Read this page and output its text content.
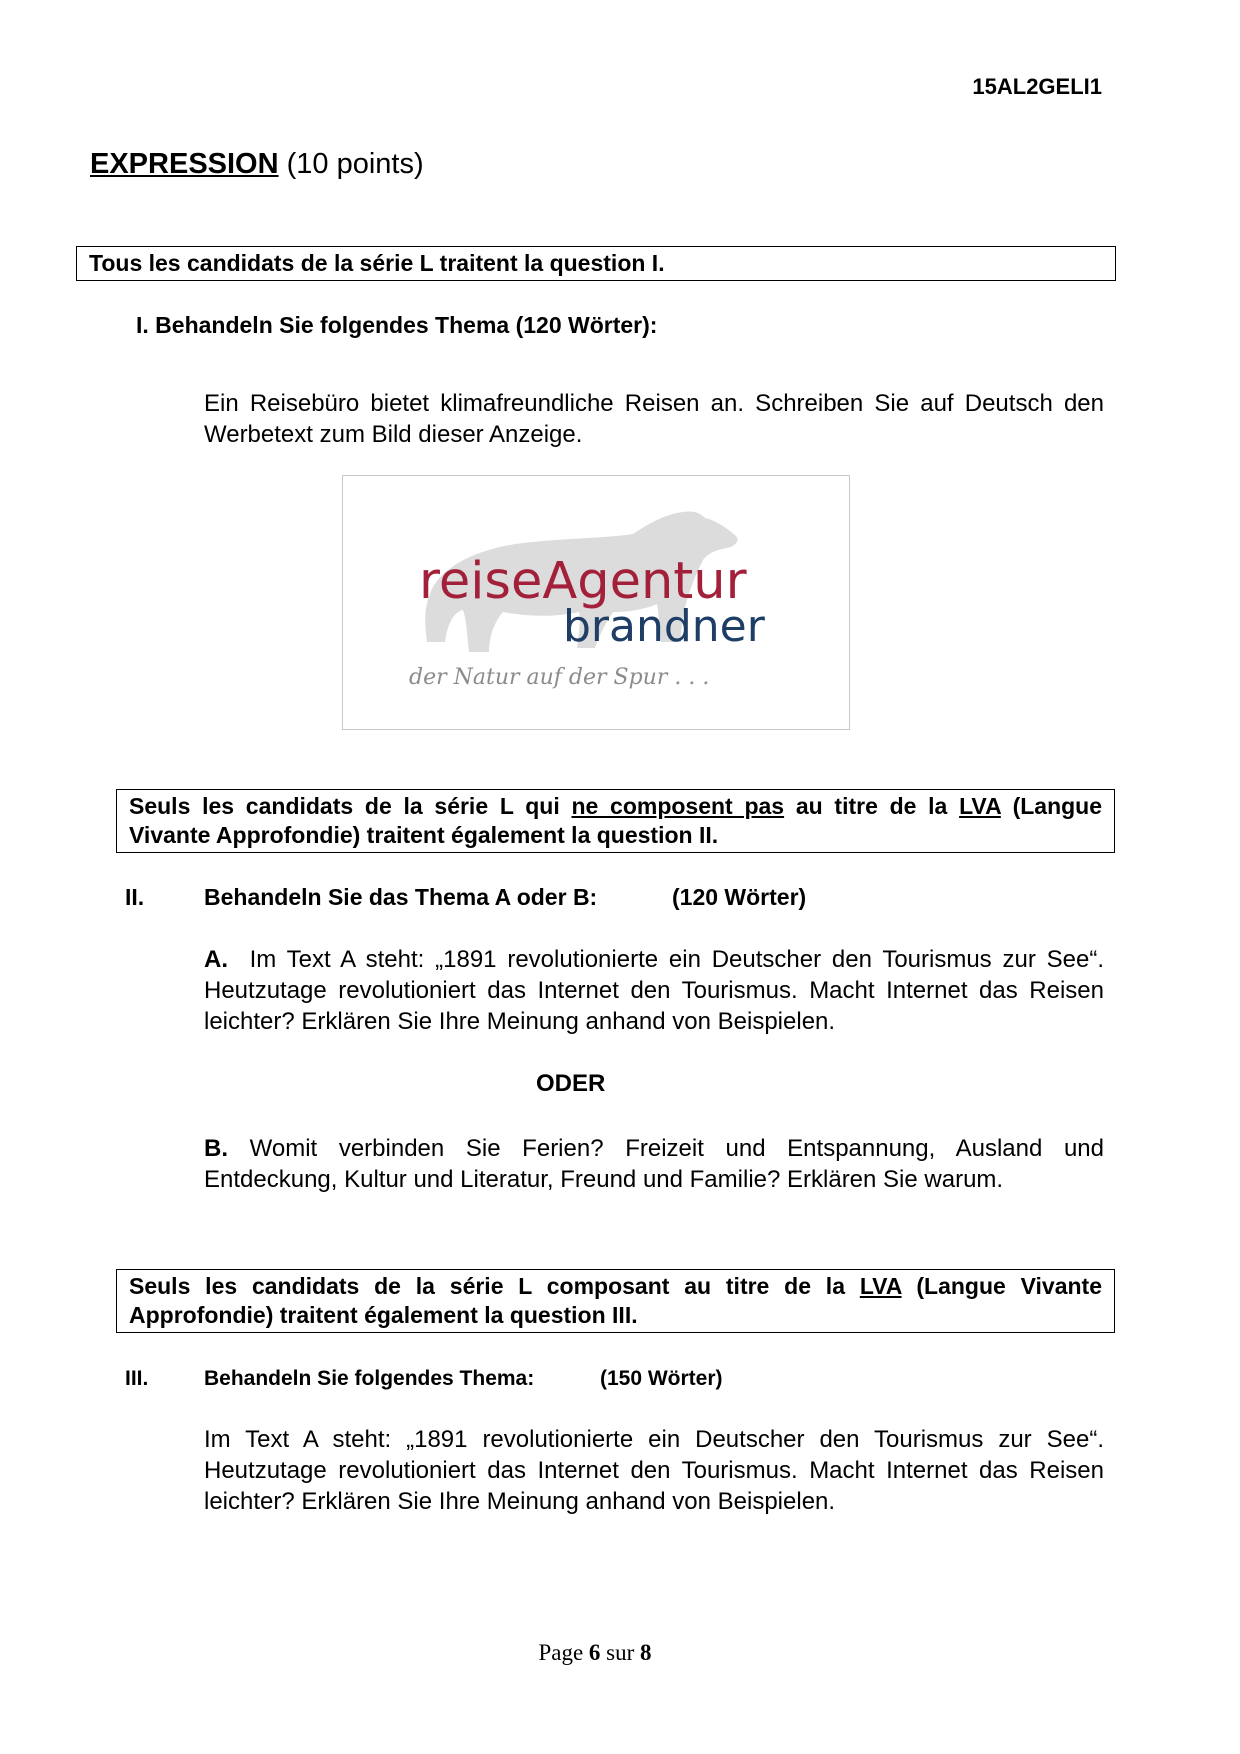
15AL2GELI1
EXPRESSION (10 points)
Tous les candidats de la série L traitent la question I.
I. Behandeln Sie folgendes Thema (120 Wörter):
Ein Reisebüro bietet klimafreundliche Reisen an. Schreiben Sie auf Deutsch den Werbetext zum Bild dieser Anzeige.
reiseAgentur
brandner
der Natur auf der Spur . . .
Seuls les candidats de la série L qui ne composent pas au titre de la LVA (Langue Vivante Approfondie) traitent également la question II.
II.	Behandeln Sie das Thema A oder B:	(120 Wörter)
A. Im Text A steht: „1891 revolutionierte ein Deutscher den Tourismus zur See“. Heutzutage revolutioniert das Internet den Tourismus. Macht Internet das Reisen leichter? Erklären Sie Ihre Meinung anhand von Beispielen.
ODER
B. Womit verbinden Sie Ferien? Freizeit und Entspannung, Ausland und Entdeckung, Kultur und Literatur, Freund und Familie? Erklären Sie warum.
Seuls les candidats de la série L composant au titre de la LVA (Langue Vivante Approfondie) traitent également la question III.
III.	Behandeln Sie folgendes Thema:	(150 Wörter)
Im Text A steht: „1891 revolutionierte ein Deutscher den Tourismus zur See“. Heutzutage revolutioniert das Internet den Tourismus. Macht Internet das Reisen leichter? Erklären Sie Ihre Meinung anhand von Beispielen.
Page 6 sur 8
